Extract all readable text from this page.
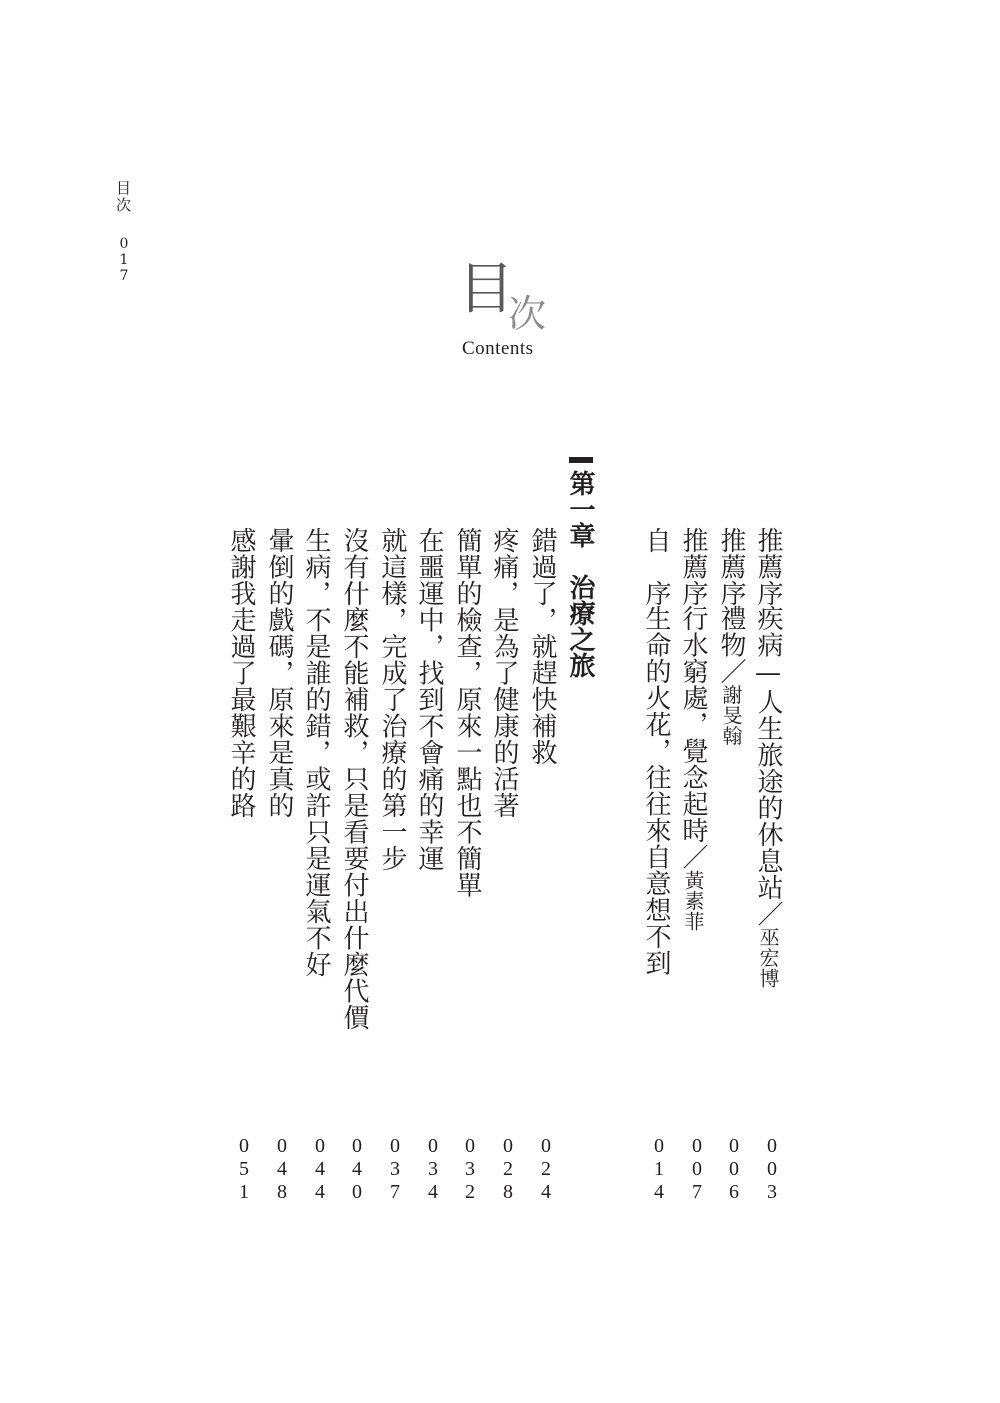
目次
017	目
次
Contents
推薦序疾病—人生旅途的休息站／巫宏博
推薦序禮物／謝旻翰
推薦序行水窮處，覺念起時／黃素菲
自　序生命的火花，往往來自意想不到
003
006
007
014
第一章　治療之旅
錯過了，就趕快補救
疼痛，是為了健康的活著
簡單的檢查，原來一點也不簡單
在噩運中，找到不會痛的幸運
就這樣，完成了治療的第一步
沒有什麼不能補救，只是看要付出什麼代價
生病，不是誰的錯，或許只是運氣不好
暈倒的戲碼，原來是真的
感謝我走過了最艱辛的路
024
028
032
034
037
040
044
048
051
